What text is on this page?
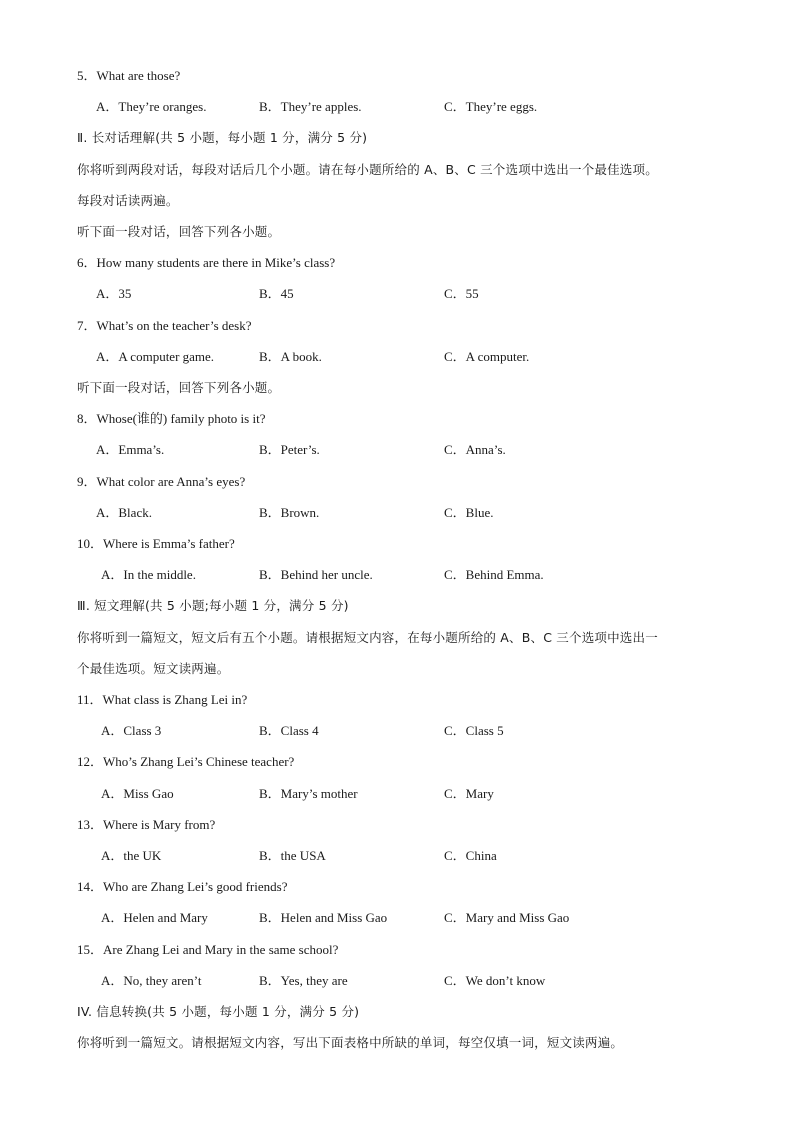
5．What are those?
A．They’re oranges.	B．They’re apples.	C．They’re eggs.
Ⅱ. 长对话理解(共 5 小题，每小题 1 分，满分 5 分)
你将听到两段对话，每段对话后几个小题。请在每小题所给的 A、B、C 三个选项中选出一个最佳选项。
每段对话读两遍。
听下面一段对话，回答下列各小题。
6．How many students are there in Mike’s class?
A．35	B．45	C．55
7．What’s on the teacher’s desk?
A．A computer game.	B．A book.	C．A computer.
听下面一段对话，回答下列各小题。
8．Whose(谁的) family photo is it?
A．Emma’s.	B．Peter’s.	C．Anna’s.
9．What color are Anna’s eyes?
A．Black.	B．Brown.	C．Blue.
10．Where is Emma’s father?
A．In the middle.	B．Behind her uncle.	C．Behind Emma.
Ⅲ. 短文理解(共 5 小题;每小题 1 分，满分 5 分)
你将听到一篇短文，短文后有五个小题。请根据短文内容，在每小题所给的 A、B、C 三个选项中选出一
个最佳选项。短文读两遍。
11．What class is Zhang Lei in?
A．Class 3	B．Class 4	C．Class 5
12．Who’s Zhang Lei’s Chinese teacher?
A．Miss Gao	B．Mary’s mother	C．Mary
13．Where is Mary from?
A．the UK	B．the USA	C．China
14．Who are Zhang Lei’s good friends?
A．Helen and Mary	B．Helen and Miss Gao	C．Mary and Miss Gao
15．Are Zhang Lei and Mary in the same school?
A．No, they aren’t	B．Yes, they are	C．We don’t know
IV. 信息转换(共 5 小题，每小题 1 分，满分 5 分)
你将听到一篇短文。请根据短文内容，写出下面表格中所缺的单词，每空仅填一词，短文读两遍。
